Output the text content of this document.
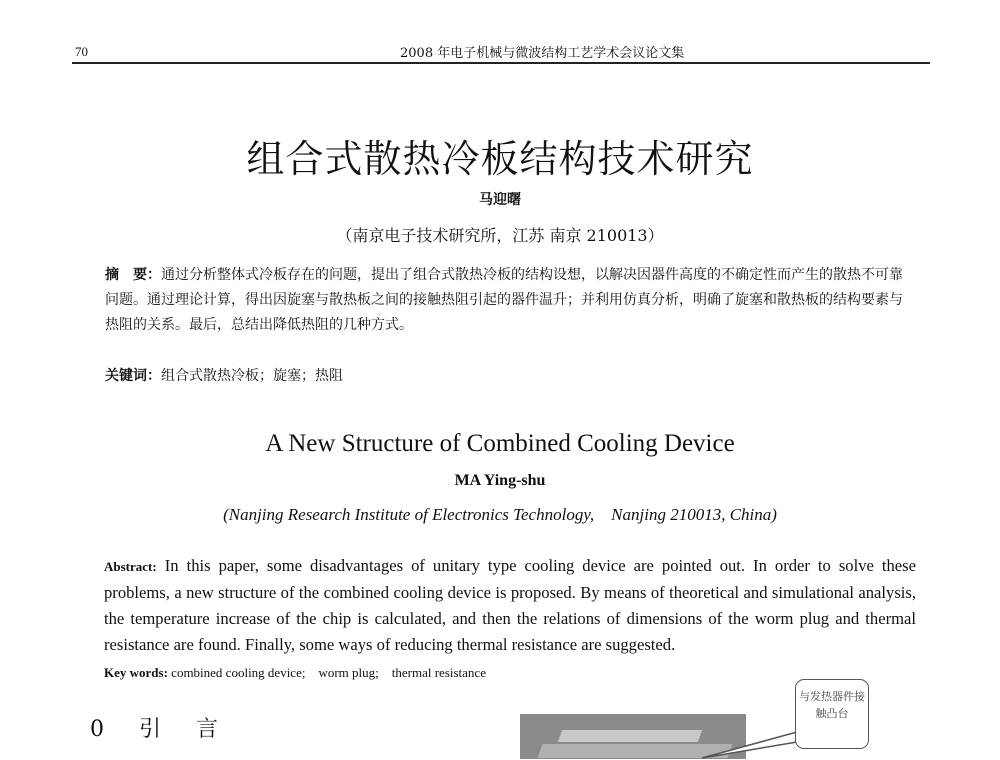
70	2008 年电子机械与微波结构工艺学术会议论文集
组合式散热冷板结构技术研究
马迎曙
（南京电子技术研究所，江苏 南京 210013）
摘　要：通过分析整体式冷板存在的问题，提出了组合式散热冷板的结构设想，以解决因器件高度的不确定性而产生的散热不可靠问题。通过理论计算，得出因旋塞与散热板之间的接触热阻引起的器件温升；并利用仿真分析，明确了旋塞和散热板的结构要素与热阻的关系。最后，总结出降低热阻的几种方式。
关键词：组合式散热冷板；旋塞；热阻
A New Structure of Combined Cooling Device
MA Ying-shu
(Nanjing Research Institute of Electronics Technology,　Nanjing 210013, China)
Abstract: In this paper, some disadvantages of unitary type cooling device are pointed out. In order to solve these problems, a new structure of the combined cooling device is proposed. By means of theoretical and simulational analysis, the temperature increase of the chip is calculated, and then the relations of dimensions of the worm plug and thermal resistance are found. Finally, some ways of reducing thermal resistance are suggested.
Key words: combined cooling device;　worm plug;　thermal resistance
0 引 言
与发热器件接触凸台
